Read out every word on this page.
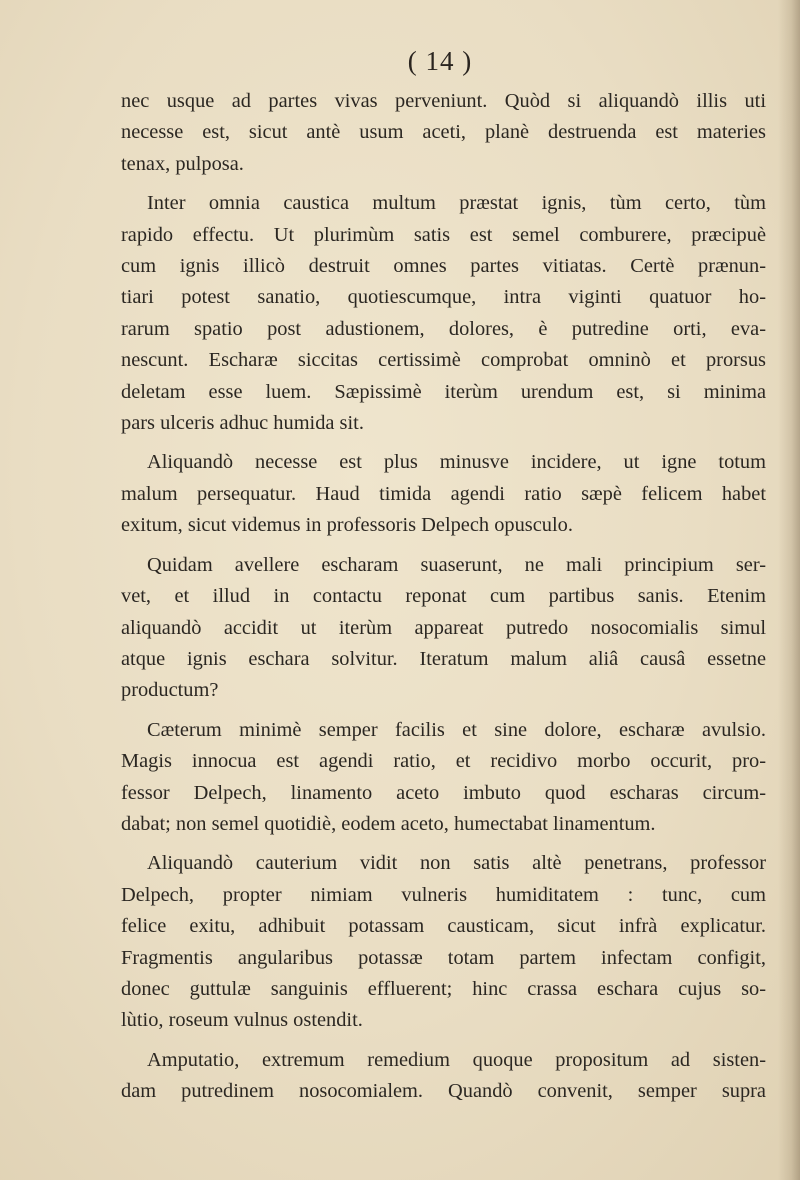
( 14 )
nec usque ad partes vivas perveniunt. Quòd si aliquandò illis uti
necesse est, sicut antè usum aceti, planè destruenda est materies
tenax, pulposa.
Inter omnia caustica multum præstat ignis, tùm certo, tùm
rapido effectu. Ut plurimùm satis est semel comburere, præcipuè
cum ignis illicò destruit omnes partes vitiatas. Certè prænun-
tiari potest sanatio, quotiescumque, intra viginti quatuor ho-
rarum spatio post adustionem, dolores, è putredine orti, eva-
nescunt. Escharæ siccitas certissimè comprobat omninò et prorsus
deletam esse luem. Sæpissimè iterùm urendum est, si minima
pars ulceris adhuc humida sit.
Aliquandò necesse est plus minusve incidere, ut igne totum
malum persequatur. Haud timida agendi ratio sæpè felicem habet
exitum, sicut videmus in professoris Delpech opusculo.
Quidam avellere escharam suaserunt, ne mali principium ser-
vet, et illud in contactu reponat cum partibus sanis. Etenim
aliquandò accidit ut iterùm appareat putredo nosocomialis simul
atque ignis eschara solvitur. Iteratum malum aliâ causâ essetne
productum?
Cæterum minimè semper facilis et sine dolore, escharæ avulsio.
Magis innocua est agendi ratio, et recidivo morbo occurit, pro-
fessor Delpech, linamento aceto imbuto quod escharas circum-
dabat; non semel quotidiè, eodem aceto, humectabat linamentum.
Aliquandò cauterium vidit non satis altè penetrans, professor
Delpech, propter nimiam vulneris humiditatem : tunc, cum
felice exitu, adhibuit potassam causticam, sicut infrà explicatur.
Fragmentis angularibus potassæ totam partem infectam configit,
donec guttulæ sanguinis effluerent; hinc crassa eschara cujus so-
lùtio, roseum vulnus ostendit.
Amputatio, extremum remedium quoque propositum ad sisten-
dam putredinem nosocomialem. Quandò convenit, semper supra
